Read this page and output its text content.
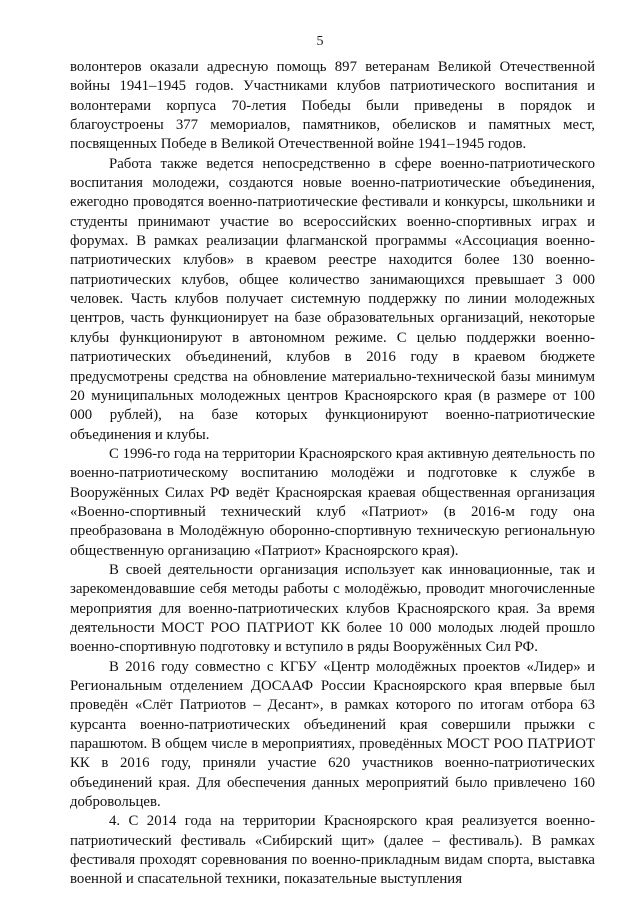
5

волонтеров оказали адресную помощь 897 ветеранам Великой Отечественной войны 1941–1945 годов. Участниками клубов патриотического воспитания и волонтерами корпуса 70-летия Победы были приведены в порядок и благоустроены 377 мемориалов, памятников, обелисков и памятных мест, посвященных Победе в Великой Отечественной войне 1941–1945 годов.

Работа также ведется непосредственно в сфере военно-патриотического воспитания молодежи, создаются новые военно-патриотические объединения, ежегодно проводятся военно-патриотические фестивали и конкурсы, школьники и студенты принимают участие во всероссийских военно-спортивных играх и форумах. В рамках реализации флагманской программы «Ассоциация военно-патриотических клубов» в краевом реестре находится более 130 военно-патриотических клубов, общее количество занимающихся превышает 3 000 человек. Часть клубов получает системную поддержку по линии молодежных центров, часть функционирует на базе образовательных организаций, некоторые клубы функционируют в автономном режиме. С целью поддержки военно-патриотических объединений, клубов в 2016 году в краевом бюджете предусмотрены средства на обновление материально-технической базы минимум 20 муниципальных молодежных центров Красноярского края (в размере от 100 000 рублей), на базе которых функционируют военно-патриотические объединения и клубы.

С 1996-го года на территории Красноярского края активную деятельность по военно-патриотическому воспитанию молодёжи и подготовке к службе в Вооружённых Силах РФ ведёт Красноярская краевая общественная организация «Военно-спортивный технический клуб «Патриот» (в 2016-м году она преобразована в Молодёжную оборонно-спортивную техническую региональную общественную организацию «Патриот» Красноярского края).

В своей деятельности организация использует как инновационные, так и зарекомендовавшие себя методы работы с молодёжью, проводит многочисленные мероприятия для военно-патриотических клубов Красноярского края. За время деятельности МОСТ РОО ПАТРИОТ КК более 10 000 молодых людей прошло военно-спортивную подготовку и вступило в ряды Вооружённых Сил РФ.

В 2016 году совместно с КГБУ «Центр молодёжных проектов «Лидер» и Региональным отделением ДОСААФ России Красноярского края впервые был проведён «Слёт Патриотов – Десант», в рамках которого по итогам отбора 63 курсанта военно-патриотических объединений края совершили прыжки с парашютом. В общем числе в мероприятиях, проведённых МОСТ РОО ПАТРИОТ КК в 2016 году, приняли участие 620 участников военно-патриотических объединений края. Для обеспечения данных мероприятий было привлечено 160 добровольцев.

4. С 2014 года на территории Красноярского края реализуется военно-патриотический фестиваль «Сибирский щит» (далее – фестиваль). В рамках фестиваля проходят соревнования по военно-прикладным видам спорта, выставка военной и спасательной техники, показательные выступления
